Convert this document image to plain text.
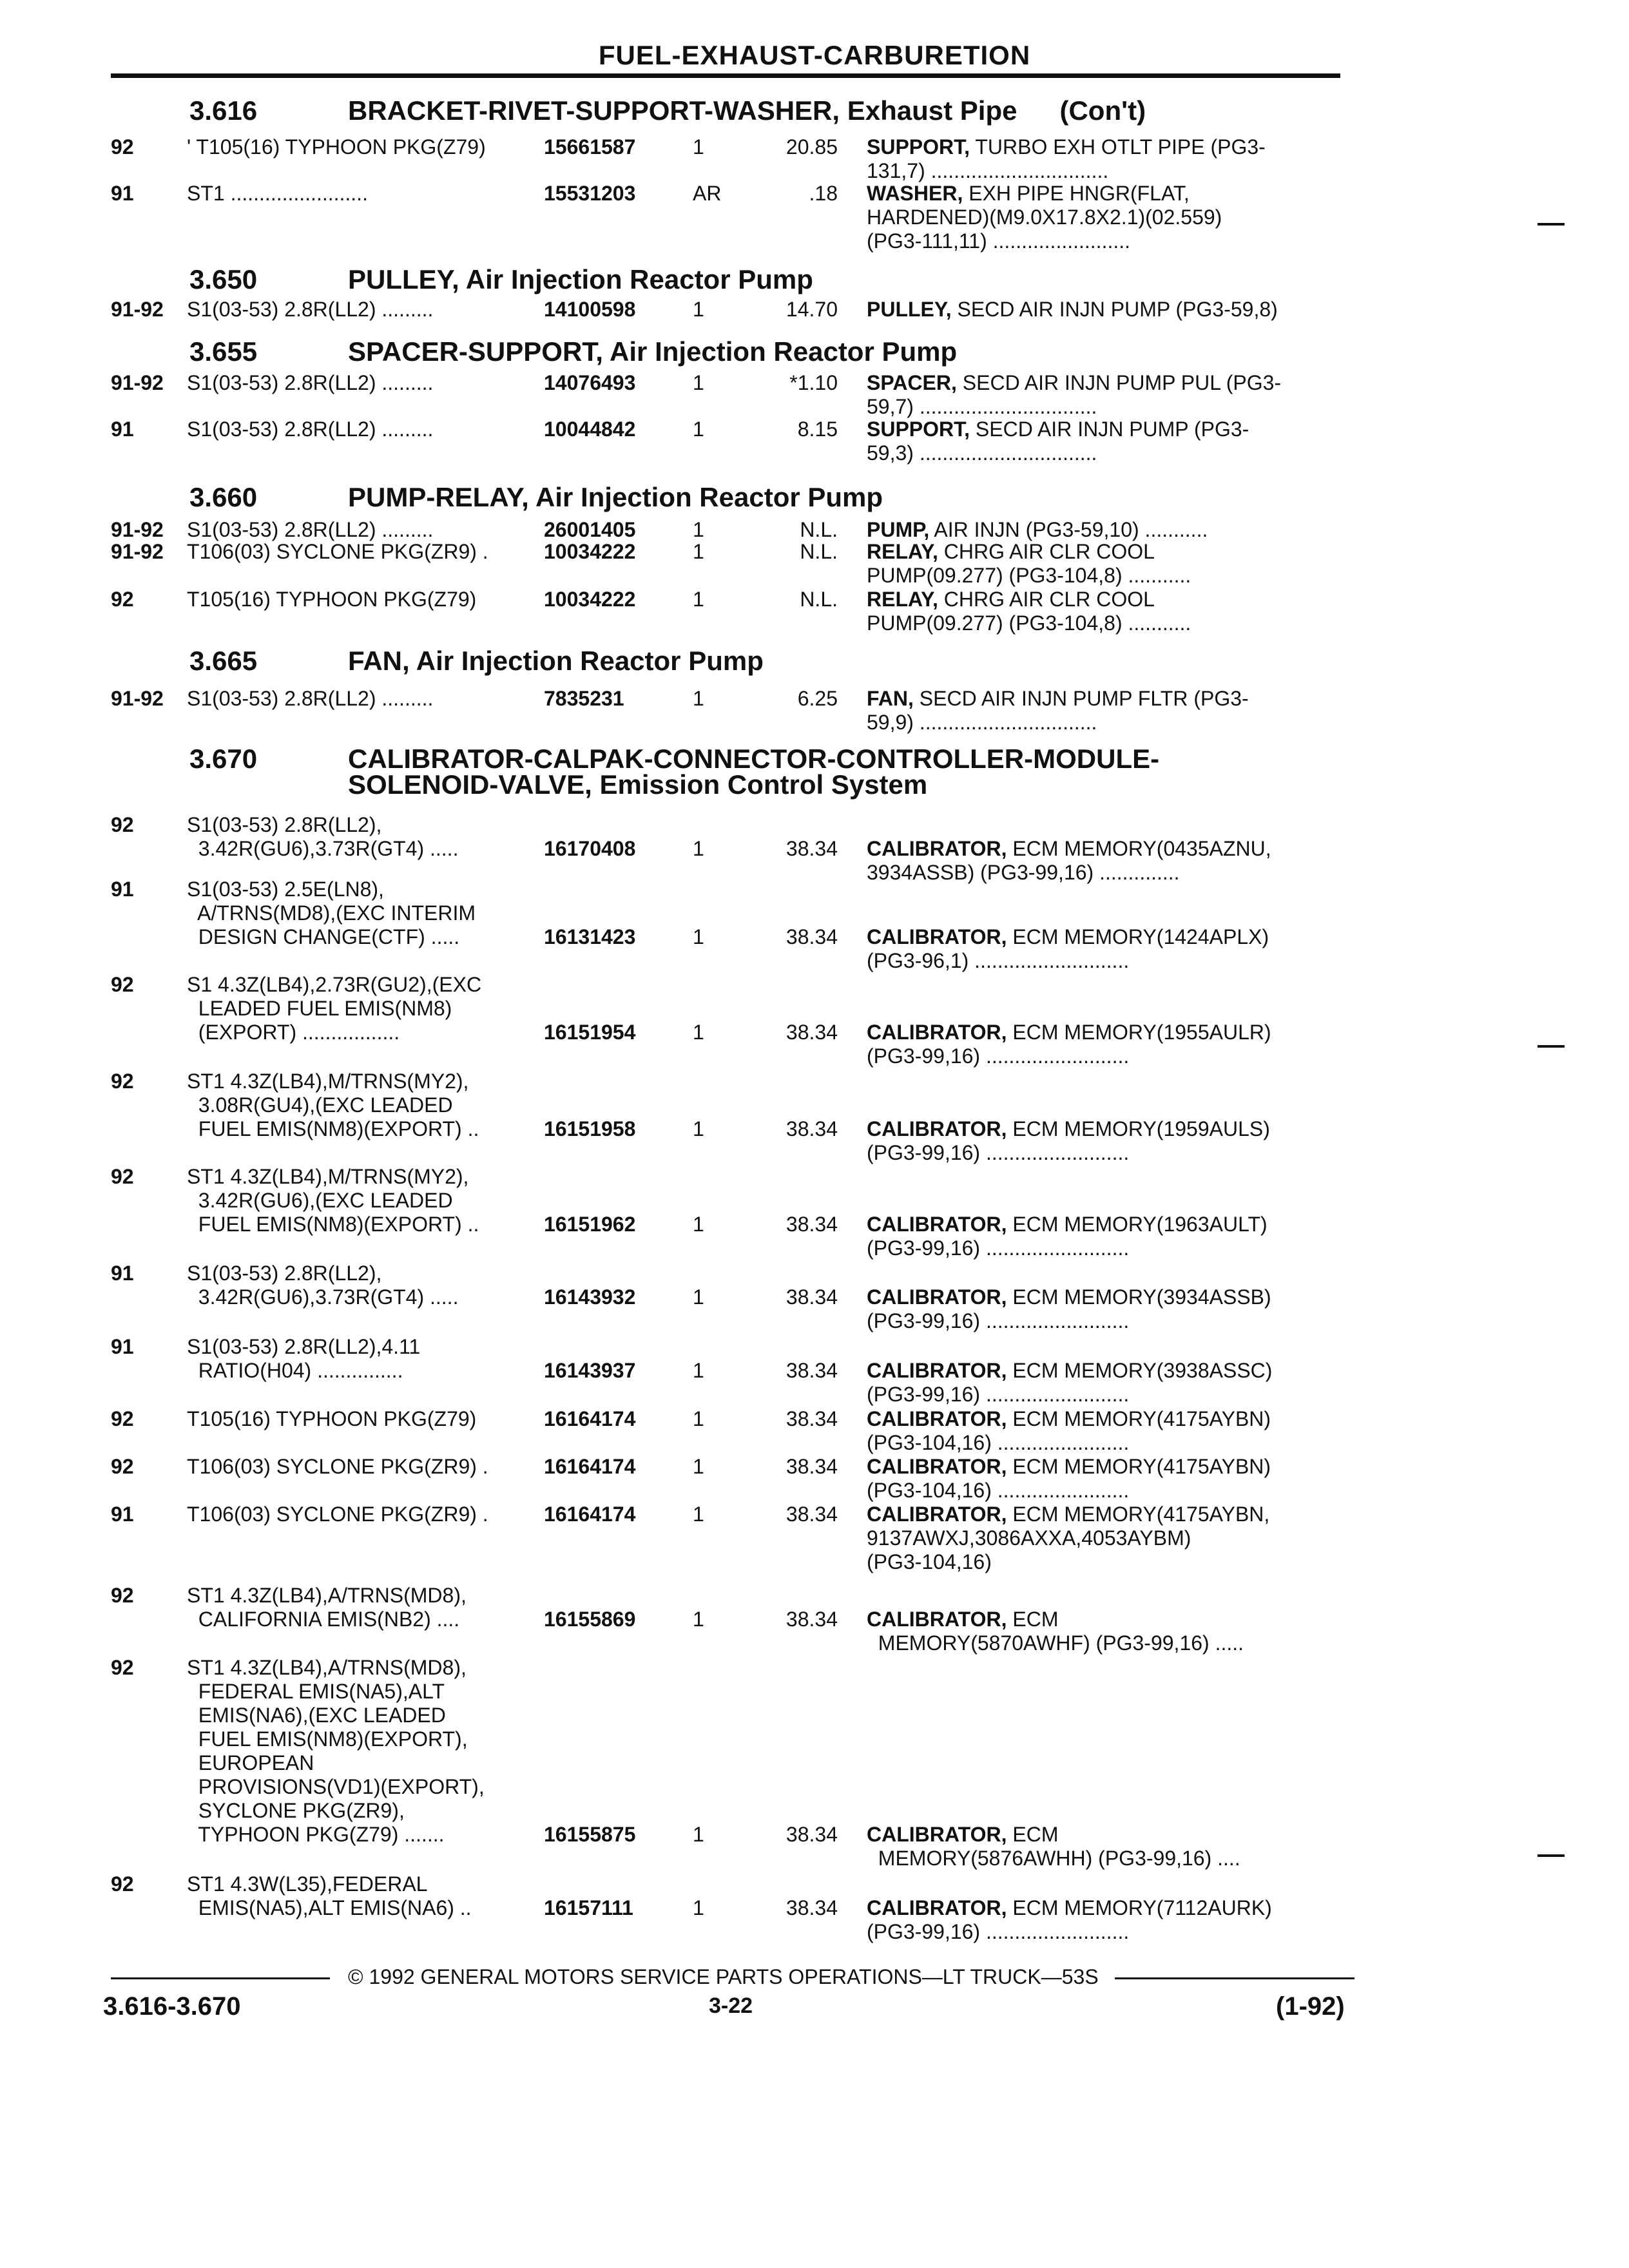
FUEL-EXHAUST-CARBURETION
3.616	BRACKET-RIVET-SUPPORT-WASHER, Exhaust Pipe (Con't)
3.650	PULLEY, Air Injection Reactor Pump
3.655	SPACER-SUPPORT, Air Injection Reactor Pump
3.660	PUMP-RELAY, Air Injection Reactor Pump
3.665	FAN, Air Injection Reactor Pump
3.670	CALIBRATOR-CALPAK-CONNECTOR-CONTROLLER-MODULE-
SOLENOID-VALVE, Emission Control System
92	' T105(16) TYPHOON PKG(Z79)	15661587	1	20.85 SUPPORT, TURBO EXH OTLT PIPE (PG3-
131,7) ...............................
91	ST1 ........................	15531203	AR	.18 WASHER, EXH PIPE HNGR(FLAT,
HARDENED)(M9.0X17.8X2.1)(02.559)
(PG3-111,11) ........................
91-92 S1(03-53) 2.8R(LL2) .........	14100598	1	14.70 PULLEY, SECD AIR INJN PUMP (PG3-59,8)
91-92 S1(03-53) 2.8R(LL2) .........	14076493	1	*1.10 SPACER, SECD AIR INJN PUMP PUL (PG3-
59,7) ...............................
91	S1(03-53) 2.8R(LL2) .........	10044842	1	8.15 SUPPORT, SECD AIR INJN PUMP (PG3-
59,3) ...............................
91-92 S1(03-53) 2.8R(LL2) .........	26001405	1	N.L. PUMP, AIR INJN (PG3-59,10) ...........
91-92 T106(03) SYCLONE PKG(ZR9) .	10034222	1	N.L. RELAY, CHRG AIR CLR COOL
PUMP(09.277) (PG3-104,8) ...........
92	T105(16) TYPHOON PKG(Z79)	10034222	1	N.L. RELAY, CHRG AIR CLR COOL
PUMP(09.277) (PG3-104,8) ...........
91-92 S1(03-53) 2.8R(LL2) .........	7835231	1	6.25 FAN, SECD AIR INJN PUMP FLTR (PG3-
59,9) ...............................
92	S1(03-53) 2.8R(LL2),
3.42R(GU6),3.73R(GT4) .....	16170408	1	38.34 CALIBRATOR, ECM MEMORY(0435AZNU,
3934ASSB) (PG3-99,16) ..............
91	S1(03-53) 2.5E(LN8),
A/TRNS(MD8),(EXC INTERIM
DESIGN CHANGE(CTF) .....	16131423	1	38.34 CALIBRATOR, ECM MEMORY(1424APLX)
(PG3-96,1) ...........................
92	S1 4.3Z(LB4),2.73R(GU2),(EXC
LEADED FUEL EMIS(NM8)
(EXPORT) .................	16151954	1	38.34 CALIBRATOR, ECM MEMORY(1955AULR)
(PG3-99,16) .........................
92	ST1 4.3Z(LB4),M/TRNS(MY2),
3.08R(GU4),(EXC LEADED
FUEL EMIS(NM8)(EXPORT) ..	16151958	1	38.34 CALIBRATOR, ECM MEMORY(1959AULS)
(PG3-99,16) .........................
92	ST1 4.3Z(LB4),M/TRNS(MY2),
3.42R(GU6),(EXC LEADED
FUEL EMIS(NM8)(EXPORT) ..	16151962	1	38.34 CALIBRATOR, ECM MEMORY(1963AULT)
(PG3-99,16) .........................
91	S1(03-53) 2.8R(LL2),
3.42R(GU6),3.73R(GT4) .....	16143932	1	38.34 CALIBRATOR, ECM MEMORY(3934ASSB)
(PG3-99,16) .........................
91	S1(03-53) 2.8R(LL2),4.11
RATIO(H04) ...............	16143937	1	38.34 CALIBRATOR, ECM MEMORY(3938ASSC)
(PG3-99,16) .........................
92	T105(16) TYPHOON PKG(Z79)	16164174	1	38.34 CALIBRATOR, ECM MEMORY(4175AYBN)
(PG3-104,16) .......................
92	T106(03) SYCLONE PKG(ZR9) .	16164174	1	38.34 CALIBRATOR, ECM MEMORY(4175AYBN)
(PG3-104,16) .......................
91	T106(03) SYCLONE PKG(ZR9) .	16164174	1	38.34 CALIBRATOR, ECM MEMORY(4175AYBN,
9137AWXJ,3086AXXA,4053AYBM)
(PG3-104,16)
92	ST1 4.3Z(LB4),A/TRNS(MD8),
CALIFORNIA EMIS(NB2) ....	16155869	1	38.34 CALIBRATOR, ECM
MEMORY(5870AWHF) (PG3-99,16) .....
92	ST1 4.3Z(LB4),A/TRNS(MD8),
FEDERAL EMIS(NA5),ALT
EMIS(NA6),(EXC LEADED
FUEL EMIS(NM8)(EXPORT),
EUROPEAN
PROVISIONS(VD1)(EXPORT),
SYCLONE PKG(ZR9),
TYPHOON PKG(Z79) .......	16155875	1	38.34 CALIBRATOR, ECM
MEMORY(5876AWHH) (PG3-99,16) ....
92	ST1 4.3W(L35),FEDERAL
EMIS(NA5),ALT EMIS(NA6) ..	16157111	1	38.34 CALIBRATOR, ECM MEMORY(7112AURK)
(PG3-99,16) .........................
© 1992 GENERAL MOTORS SERVICE PARTS OPERATIONS—LT TRUCK—53S
3.616-3.670	3-22	(1-92)
